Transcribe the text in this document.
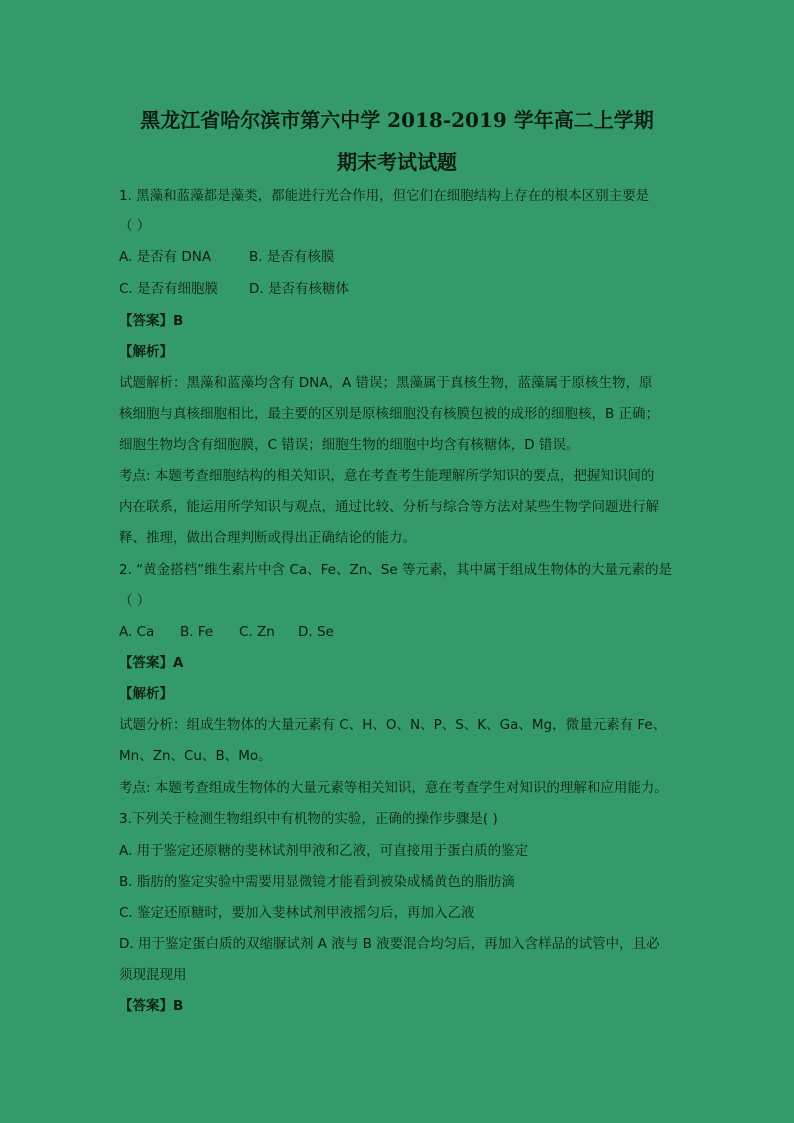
黑龙江省哈尔滨市第六中学 2018-2019 学年高二上学期
期末考试试题
1. 黑藻和蓝藻都是藻类，都能进行光合作用，但它们在细胞结构上存在的根本区别主要是
（ ）
A. 是否有 DNA	B. 是否有核膜
C. 是否有细胞膜 D. 是否有核糖体
【答案】B
【解析】
试题解析：黑藻和蓝藻均含有 DNA，A 错误；黑藻属于真核生物，蓝藻属于原核生物，原
核细胞与真核细胞相比，最主要的区别是原核细胞没有核膜包被的成形的细胞核，B 正确；
细胞生物均含有细胞膜，C 错误；细胞生物的细胞中均含有核糖体，D 错误。
考点: 本题考查细胞结构的相关知识，意在考查考生能理解所学知识的要点，把握知识间的
内在联系，能运用所学知识与观点，通过比较、分析与综合等方法对某些生物学问题进行解
释、推理，做出合理判断或得出正确结论的能力。
2. “黄金搭档”维生素片中含 Ca、Fe、Zn、Se 等元素，其中属于组成生物体的大量元素的是
（ ）
A. Ca B. Fe C. Zn D. Se
【答案】A
【解析】
试题分析：组成生物体的大量元素有 C、H、O、N、P、S、K、Ga、Mg，微量元素有 Fe、
Mn、Zn、Cu、B、Mo。
考点: 本题考查组成生物体的大量元素等相关知识，意在考查学生对知识的理解和应用能力。
3.下列关于检测生物组织中有机物的实验，正确的操作步骤是( )
A. 用于鉴定还原糖的斐林试剂甲液和乙液，可直接用于蛋白质的鉴定
B. 脂肪的鉴定实验中需要用显微镜才能看到被染成橘黄色的脂肪滴
C. 鉴定还原糖时，要加入斐林试剂甲液摇匀后，再加入乙液
D. 用于鉴定蛋白质的双缩脲试剂 A 液与 B 液要混合均匀后，再加入含样品的试管中，且必
须现混现用
【答案】B
